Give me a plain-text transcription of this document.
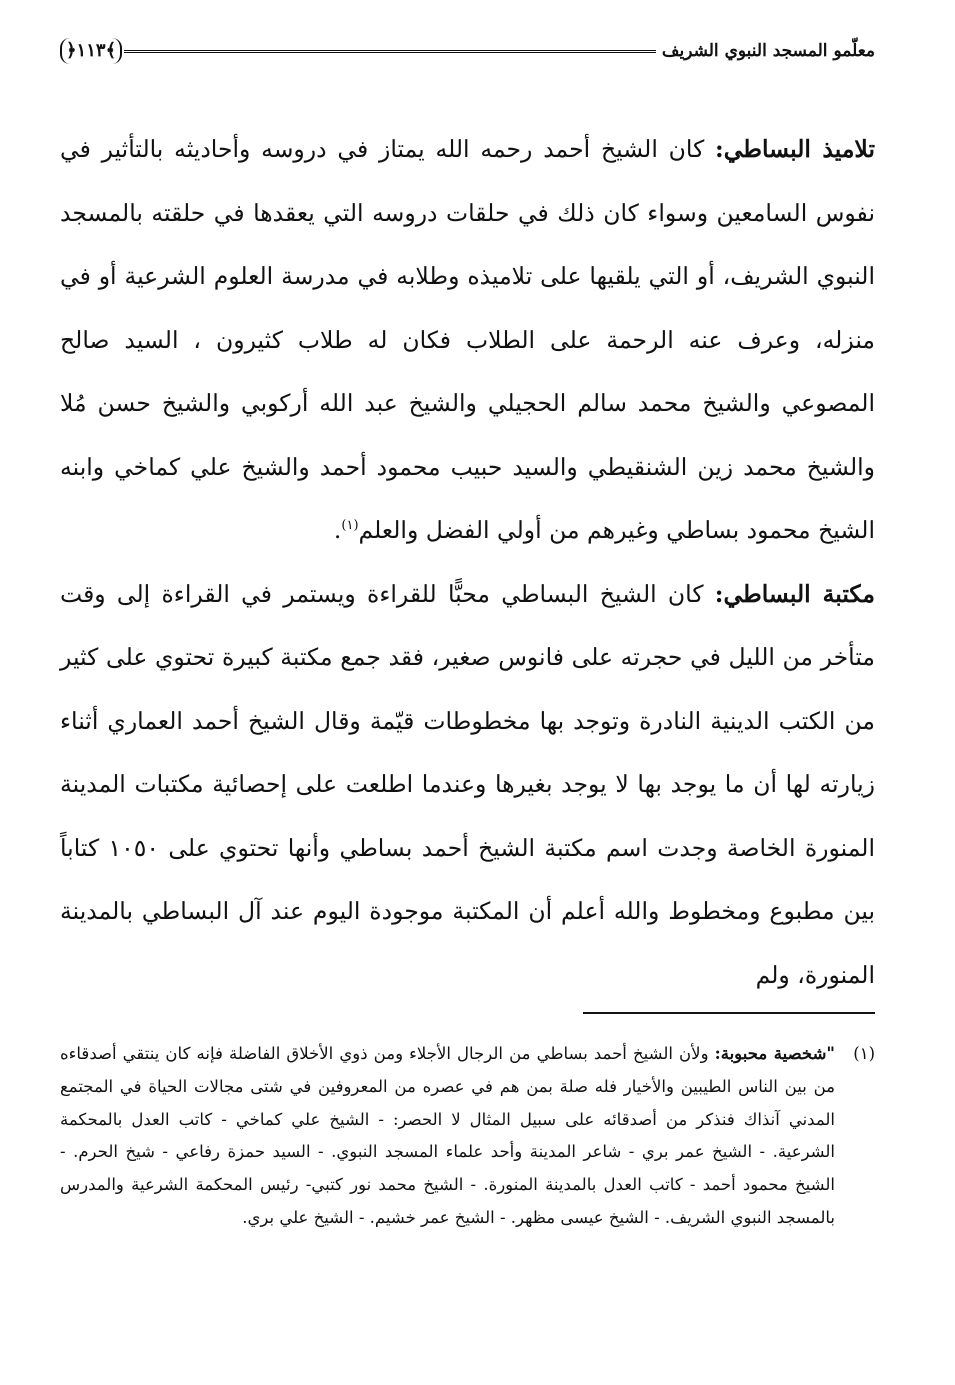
معلّمو المسجد النبوي الشريف
﴾١١٣﴿

تلاميذ البساطي: كان الشيخ أحمد رحمه الله يمتاز في دروسه وأحاديثه بالتأثير في نفوس السامعين وسواء كان ذلك في حلقات دروسه التي يعقدها في حلقته بالمسجد النبوي الشريف، أو التي يلقيها على تلاميذه وطلابه في مدرسة العلوم الشرعية أو في منزله، وعرف عنه الرحمة على الطلاب فكان له طلاب كثيرون ، السيد صالح المصوعي والشيخ محمد سالم الحجيلي والشيخ عبد الله أركوبي والشيخ حسن مُلا والشيخ محمد زين الشنقيطي والسيد حبيب محمود أحمد والشيخ علي كماخي وابنه الشيخ محمود بساطي وغيرهم من أولي الفضل والعلم$^{(١)}$.

مكتبة البساطي: كان الشيخ البساطي محبًّا للقراءة ويستمر في القراءة إلى وقت متأخر من الليل في حجرته على فانوس صغير، فقد جمع مكتبة كبيرة تحتوي على كثير من الكتب الدينية النادرة وتوجد بها مخطوطات قيّمة وقال الشيخ أحمد العماري أثناء زيارته لها أن ما يوجد بها لا يوجد بغيرها وعندما اطلعت على إحصائية مكتبات المدينة المنورة الخاصة وجدت اسم مكتبة الشيخ أحمد بساطي وأنها تحتوي على ١٠٥٠ كتاباً بين مطبوع ومخطوط والله أعلم أن المكتبة موجودة اليوم عند آل البساطي بالمدينة المنورة، ولم

(١)
"شخصية محبوبة: ولأن الشيخ أحمد بساطي من الرجال الأجلاء ومن ذوي الأخلاق الفاضلة فإنه كان ينتقي أصدقاءه من بين الناس الطيبين والأخيار فله صلة بمن هم في عصره من المعروفين في شتى مجالات الحياة في المجتمع المدني آنذاك فنذكر من أصدقائه على سبيل المثال لا الحصر: - الشيخ علي كماخي - كاتب العدل بالمحكمة الشرعية. - الشيخ عمر بري - شاعر المدينة وأحد علماء المسجد النبوي. - السيد حمزة رفاعي - شيخ الحرم. - الشيخ محمود أحمد - كاتب العدل بالمدينة المنورة. - الشيخ محمد نور كتبي- رئيس المحكمة الشرعية والمدرس بالمسجد النبوي الشريف. - الشيخ عيسى مظهر. - الشيخ عمر خشيم. - الشيخ علي بري.
